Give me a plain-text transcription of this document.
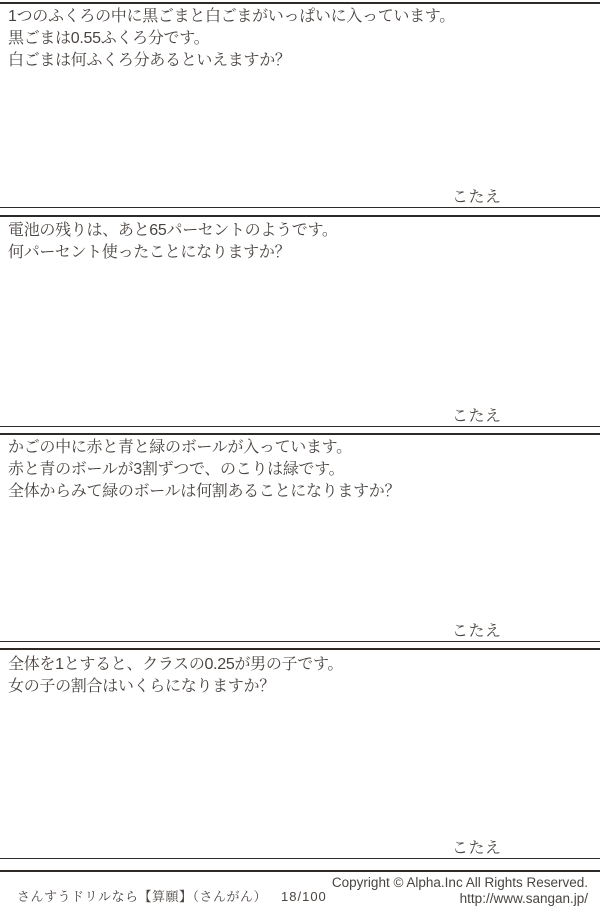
1つのふくろの中に黒ごまと白ごまがいっぱいに入っています。
黒ごまは0.55ふくろ分です。
白ごまは何ふくろ分あるといえますか？
こたえ
電池の残りは、あと65パーセントのようです。
何パーセント使ったことになりますか？
こたえ
かごの中に赤と青と緑のボールが入っています。
赤と青のボールが3割ずつで、のこりは緑です。
全体からみて緑のボールは何割あることになりますか？
こたえ
全体を1とすると、クラスの0.25が男の子です。
女の子の割合はいくらになりますか？
こたえ
さんすうドリルなら【算願】（さんがん） 18/100
Copyright © Alpha.Inc All Rights Reserved.
http://www.sangan.jp/
